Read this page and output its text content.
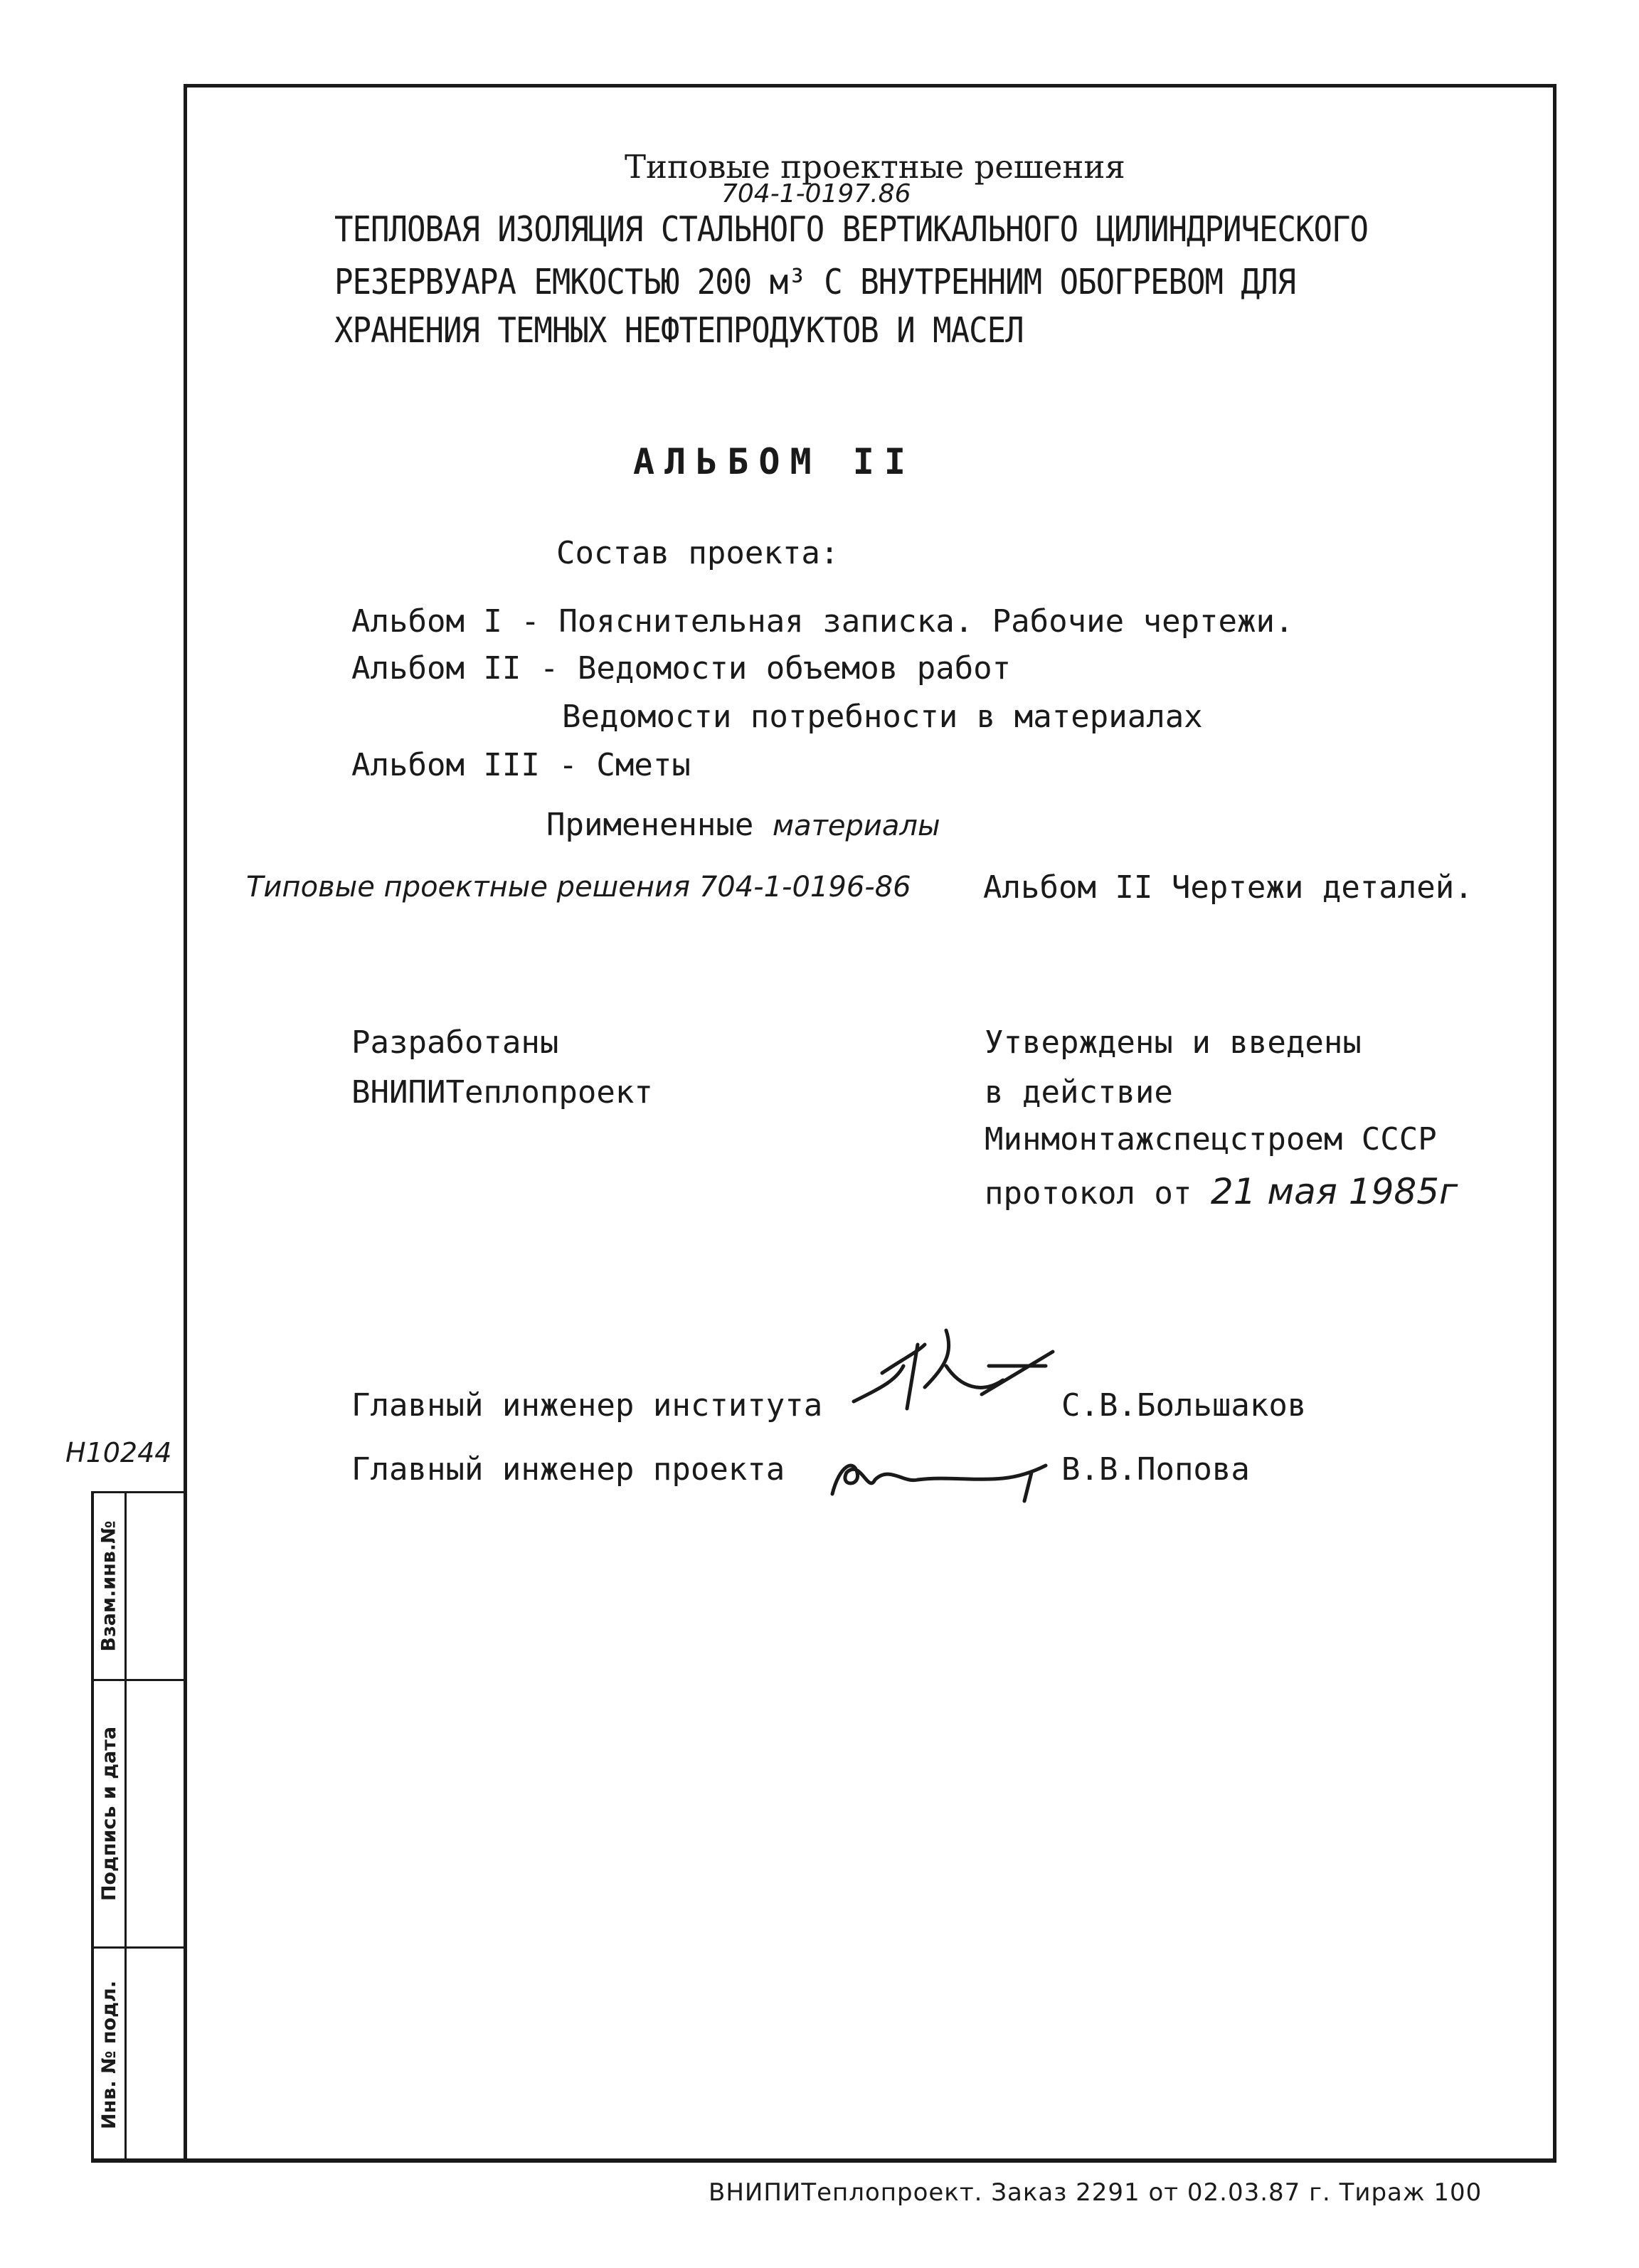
Взам.инв.№
Подпись и дата
Инв. № подл.
Н10244
Типовые проектные решения
704-1-0197.86
ТЕПЛОВАЯ ИЗОЛЯЦИЯ СТАЛЬНОГО ВЕРТИКАЛЬНОГО ЦИЛИНДРИЧЕСКОГО
РЕЗЕРВУАРА ЕМКОСТЬЮ 200 м³ С ВНУТРЕННИМ ОБОГРЕВОМ ДЛЯ
ХРАНЕНИЯ ТЕМНЫХ НЕФТЕПРОДУКТОВ И МАСЕЛ
АЛЬБОМ II
Состав проекта:
Альбом I - Пояснительная записка. Рабочие чертежи.
Альбом II - Ведомости объемов работ
Ведомости потребности в материалах
Альбом III - Сметы
Примененные материалы
Типовые проектные решения 704-1-0196-86 Альбом II Чертежи деталей.
Разработаны
ВНИПИТеплопроект
Утверждены и введены
в действие
Минмонтажспецстроем СССР
протокол от 21 мая 1985г
Главный инженер института	С.В.Большаков
Главный инженер проекта	В.В.Попова
ВНИПИТеплопроект. Заказ 2291 от 02.03.87 г. Тираж 100
